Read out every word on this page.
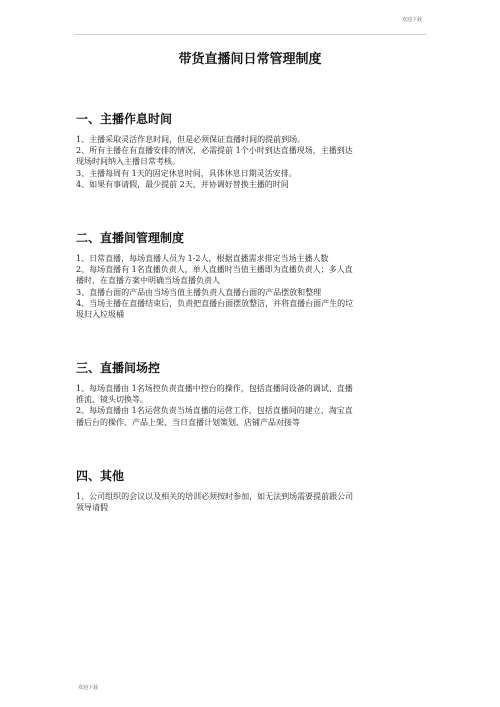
欢迎下载
带货直播间日常管理制度

一、主播作息时间

1、主播采取灵活作息时间，但是必须保证直播时间的提前到场。

2、所有主播在有直播安排的情况，必需提前 1个小时到达直播现场，主播到达

现场时间纳入主播日常考核。

3、主播每周有 1天的固定休息时间，具体休息日期灵活安排。

4、如果有事请假，最少提前 2天，并协调好替换主播的时间

二、直播间管理制度

1、日常直播，每场直播人员为 1-2人，根据直播需求排定当场主播人数

2、每场直播有 1名直播负责人，单人直播时当值主播即为直播负责人；多人直

播时，在直播方案中明确当场直播负责人

3、直播台面的产品由当场当值主播负责人直播台面的产品摆放和整理

4、当场主播在直播结束后，负责把直播台面摆放整洁，并将直播台面产生的垃

圾归入垃圾桶

三、直播间场控

1、每场直播由 1名场控负责直播中控台的操作，包括直播间设备的调试、直播

推流、镜头切换等。

2、每场直播由 1名运营负责当场直播的运营工作，包括直播间的建立、淘宝直

播后台的操作、产品上架、当日直播计划策划、店铺产品对接等

四、其他

1、公司组织的会议以及相关的培训必须按时参加，如无法到场需要提前跟公司

领导请假

欢迎下载
